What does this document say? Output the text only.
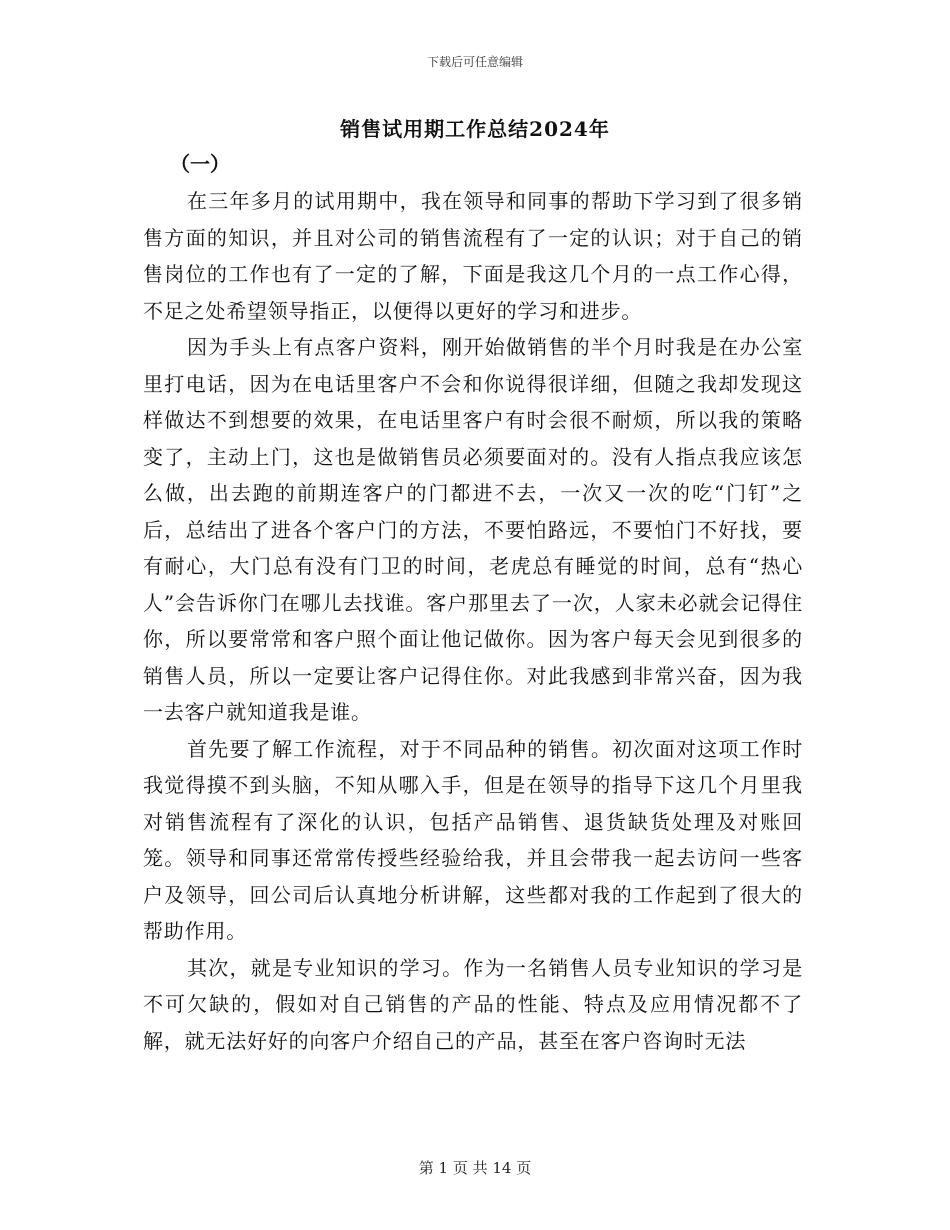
下载后可任意编辑
销售试用期工作总结2024年
（一）

在三年多月的试用期中，我在领导和同事的帮助下学习到了很多销售方面的知识，并且对公司的销售流程有了一定的认识；对于自己的销售岗位的工作也有了一定的了解，下面是我这几个月的一点工作心得，不足之处希望领导指正，以便得以更好的学习和进步。

因为手头上有点客户资料，刚开始做销售的半个月时我是在办公室里打电话，因为在电话里客户不会和你说得很详细，但随之我却发现这样做达不到想要的效果，在电话里客户有时会很不耐烦，所以我的策略变了，主动上门，这也是做销售员必须要面对的。没有人指点我应该怎么做，出去跑的前期连客户的门都进不去，一次又一次的吃“门钉”之后，总结出了进各个客户门的方法，不要怕路远，不要怕门不好找，要有耐心，大门总有没有门卫的时间，老虎总有睡觉的时间，总有“热心人”会告诉你门在哪儿去找谁。客户那里去了一次，人家未必就会记得住你，所以要常常和客户照个面让他记做你。因为客户每天会见到很多的销售人员，所以一定要让客户记得住你。对此我感到非常兴奋，因为我一去客户就知道我是谁。

首先要了解工作流程，对于不同品种的销售。初次面对这项工作时我觉得摸不到头脑，不知从哪入手，但是在领导的指导下这几个月里我对销售流程有了深化的认识，包括产品销售、退货缺货处理及对账回笼。领导和同事还常常传授些经验给我，并且会带我一起去访问一些客户及领导，回公司后认真地分析讲解，这些都对我的工作起到了很大的帮助作用。

其次，就是专业知识的学习。作为一名销售人员专业知识的学习是不可欠缺的，假如对自己销售的产品的性能、特点及应用情况都不了解，就无法好好的向客户介绍自己的产品，甚至在客户咨询时无法

第 1 页 共 14 页
